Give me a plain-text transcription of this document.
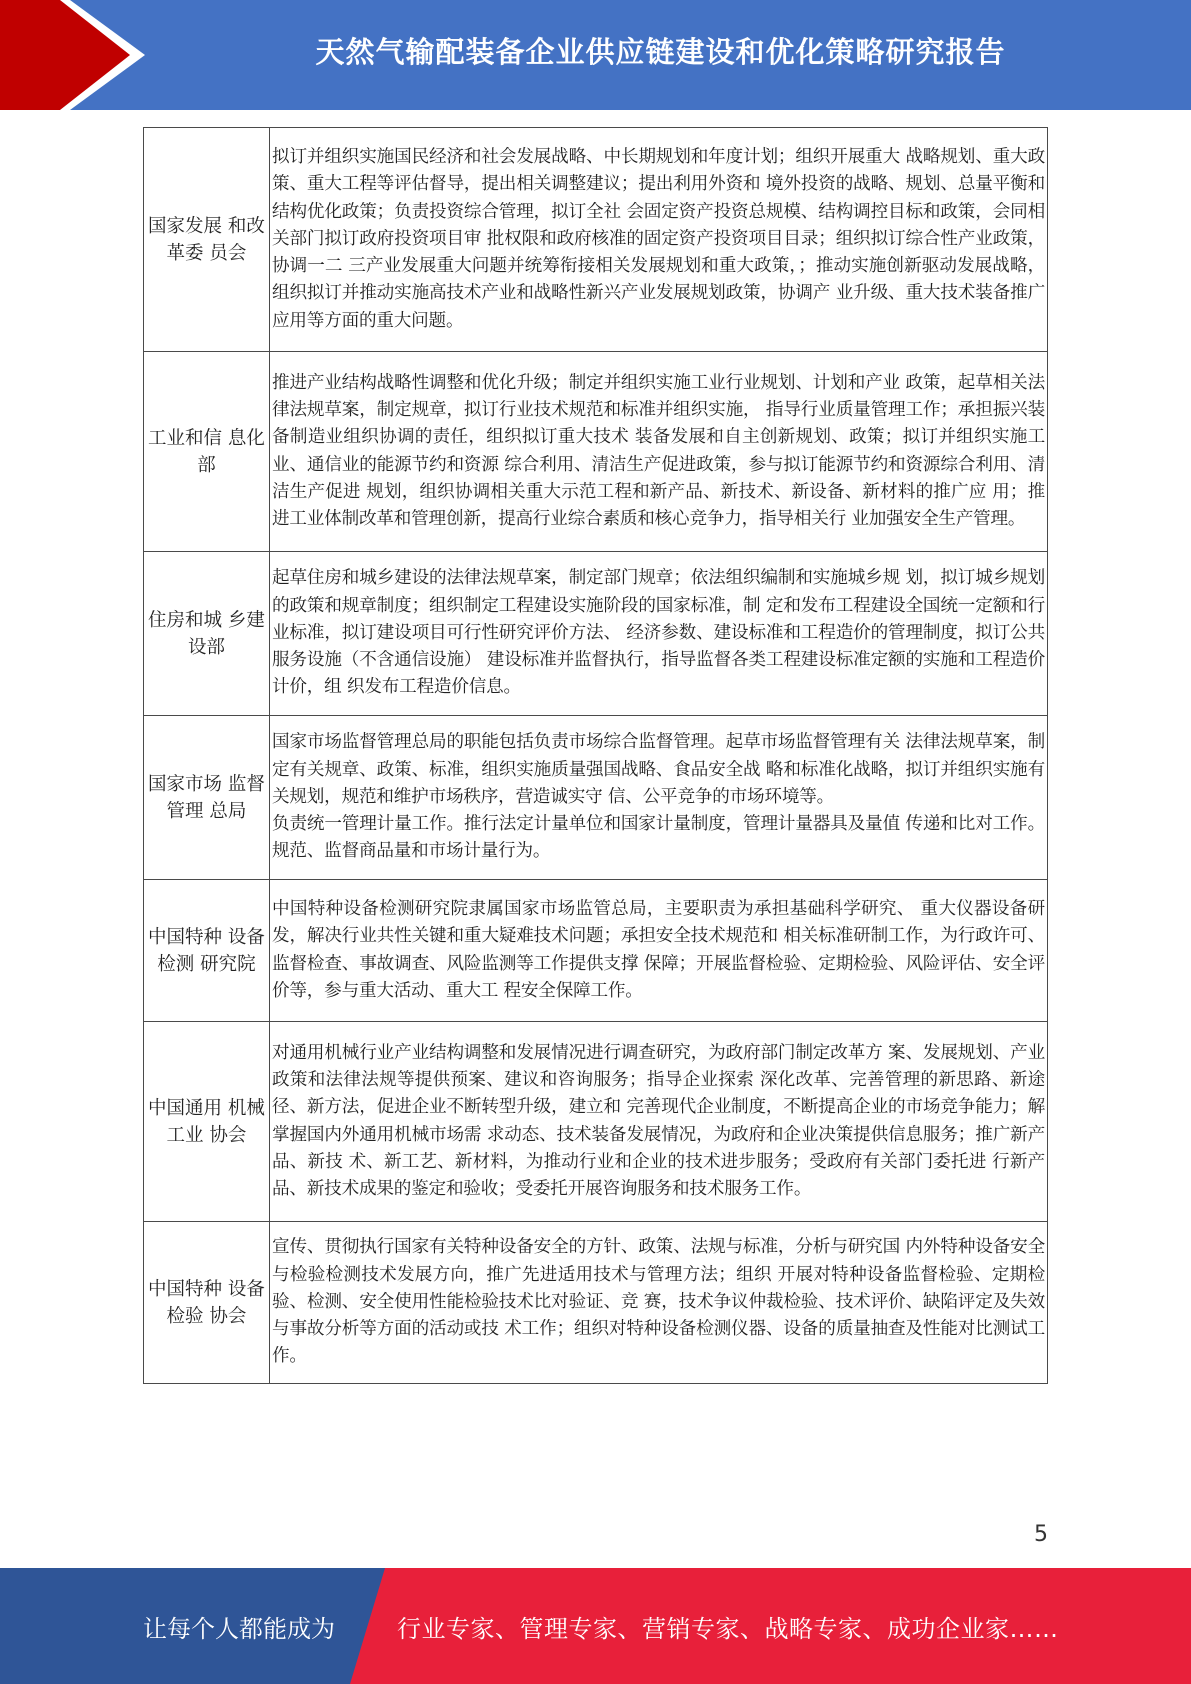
天然气输配装备企业供应链建设和优化策略研究报告
国家发展 和改革委 员会	拟订并组织实施国民经济和社会发展战略、中长期规划和年度计划；组织开展重大 战略规划、重大政策、重大工程等评估督导，提出相关调整建议；提出利用外资和 境外投资的战略、规划、总量平衡和结构优化政策；负责投资综合管理，拟订全社 会固定资产投资总规模、结构调控目标和政策，会同相关部门拟订政府投资项目审 批权限和政府核准的固定资产投资项目目录；组织拟订综合性产业政策，协调一二 三产业发展重大问题并统筹衔接相关发展规划和重大政策，；推动实施创新驱动发展战略，组织拟订并推动实施高技术产业和战略性新兴产业发展规划政策，协调产 业升级、重大技术装备推广应用等方面的重大问题。

工业和信 息化部	推进产业结构战略性调整和优化升级；制定并组织实施工业行业规划、计划和产业 政策，起草相关法律法规草案，制定规章，拟订行业技术规范和标准并组织实施， 指导行业质量管理工作；承担振兴装备制造业组织协调的责任，组织拟订重大技术 装备发展和自主创新规划、政策；拟订并组织实施工业、通信业的能源节约和资源 综合利用、清洁生产促进政策，参与拟订能源节约和资源综合利用、清洁生产促进 规划，组织协调相关重大示范工程和新产品、新技术、新设备、新材料的推广应 用；推进工业体制改革和管理创新，提高行业综合素质和核心竞争力，指导相关行 业加强安全生产管理。

住房和城 乡建设部	起草住房和城乡建设的法律法规草案，制定部门规章；依法组织编制和实施城乡规 划，拟订城乡规划的政策和规章制度；组织制定工程建设实施阶段的国家标准，制 定和发布工程建设全国统一定额和行业标准，拟订建设项目可行性研究评价方法、 经济参数、建设标准和工程造价的管理制度，拟订公共服务设施（不含通信设施） 建设标准并监督执行，指导监督各类工程建设标准定额的实施和工程造价计价，组 织发布工程造价信息。

国家市场 监督管理 总局	国家市场监督管理总局的职能包括负责市场综合监督管理。起草市场监督管理有关 法律法规草案，制定有关规章、政策、标准，组织实施质量强国战略、食品安全战 略和标准化战略，拟订并组织实施有关规划，规范和维护市场秩序，营造诚实守 信、公平竞争的市场环境等。
负责统一管理计量工作。推行法定计量单位和国家计量制度，管理计量器具及量值 传递和比对工作。规范、监督商品量和市场计量行为。

中国特种 设备检测 研究院	中国特种设备检测研究院隶属国家市场监管总局，主要职责为承担基础科学研究、 重大仪器设备研发，解决行业共性关键和重大疑难技术问题；承担安全技术规范和 相关标准研制工作，为行政许可、监督检查、事故调查、风险监测等工作提供支撑 保障；开展监督检验、定期检验、风险评估、安全评价等，参与重大活动、重大工 程安全保障工作。

中国通用 机械工业 协会	对通用机械行业产业结构调整和发展情况进行调查研究，为政府部门制定改革方 案、发展规划、产业政策和法律法规等提供预案、建议和咨询服务；指导企业探索 深化改革、完善管理的新思路、新途径、新方法，促进企业不断转型升级，建立和 完善现代企业制度，不断提高企业的市场竞争能力；解掌握国内外通用机械市场需 求动态、技术装备发展情况，为政府和企业决策提供信息服务；推广新产品、新技 术、新工艺、新材料，为推动行业和企业的技术进步服务；受政府有关部门委托进 行新产品、新技术成果的鉴定和验收；受委托开展咨询服务和技术服务工作。

中国特种 设备检验 协会	宣传、贯彻执行国家有关特种设备安全的方针、政策、法规与标准，分析与研究国 内外特种设备安全与检验检测技术发展方向，推广先进适用技术与管理方法；组织 开展对特种设备监督检验、定期检验、检测、安全使用性能检验技术比对验证、竞 赛，技术争议仲裁检验、技术评价、缺陷评定及失效与事故分析等方面的活动或技 术工作；组织对特种设备检测仪器、设备的质量抽查及性能对比测试工作。
5
让每个人都能成为	行业专家、管理专家、营销专家、战略专家、成功企业家……
